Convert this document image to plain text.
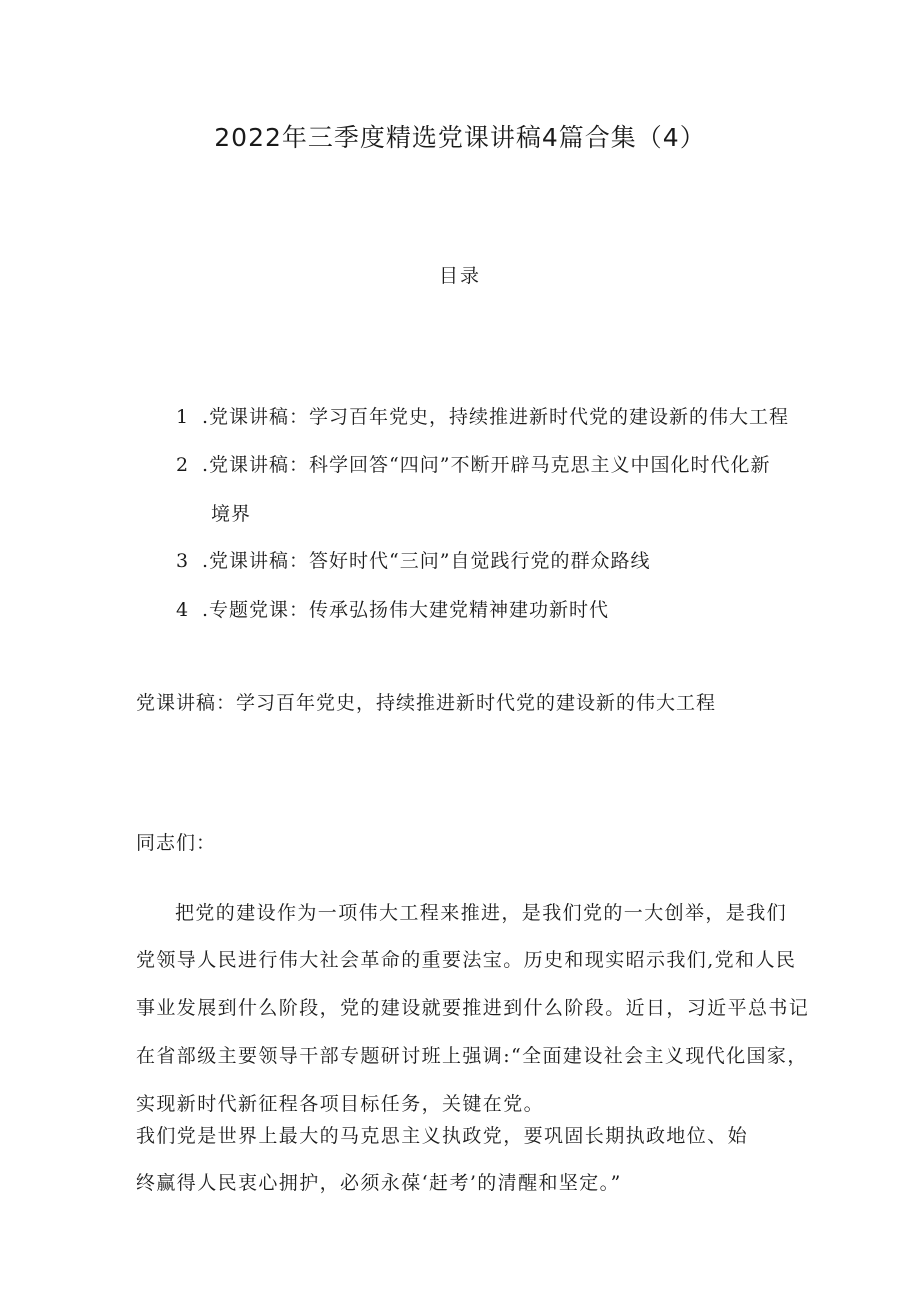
2022年三季度精选党课讲稿4篇合集（4）
目录
1 .党课讲稿：学习百年党史，持续推进新时代党的建设新的伟大工程
2 .党课讲稿：科学回答“四问”不断开辟马克思主义中国化时代化新
境界
3 .党课讲稿：答好时代“三问”自觉践行党的群众路线
4 .专题党课：传承弘扬伟大建党精神建功新时代
党课讲稿：学习百年党史，持续推进新时代党的建设新的伟大工程
同志们：
把党的建设作为一项伟大工程来推进，是我们党的一大创举，是我们
党领导人民进行伟大社会革命的重要法宝。历史和现实昭示我们,党和人民
事业发展到什么阶段，党的建设就要推进到什么阶段。近日，习近平总书记
在省部级主要领导干部专题研讨班上强调:“全面建设社会主义现代化国家，
实现新时代新征程各项目标任务，关键在党。
我们党是世界上最大的马克思主义执政党，要巩固长期执政地位、始
终赢得人民衷心拥护，必须永葆‘赶考’的清醒和坚定。”
